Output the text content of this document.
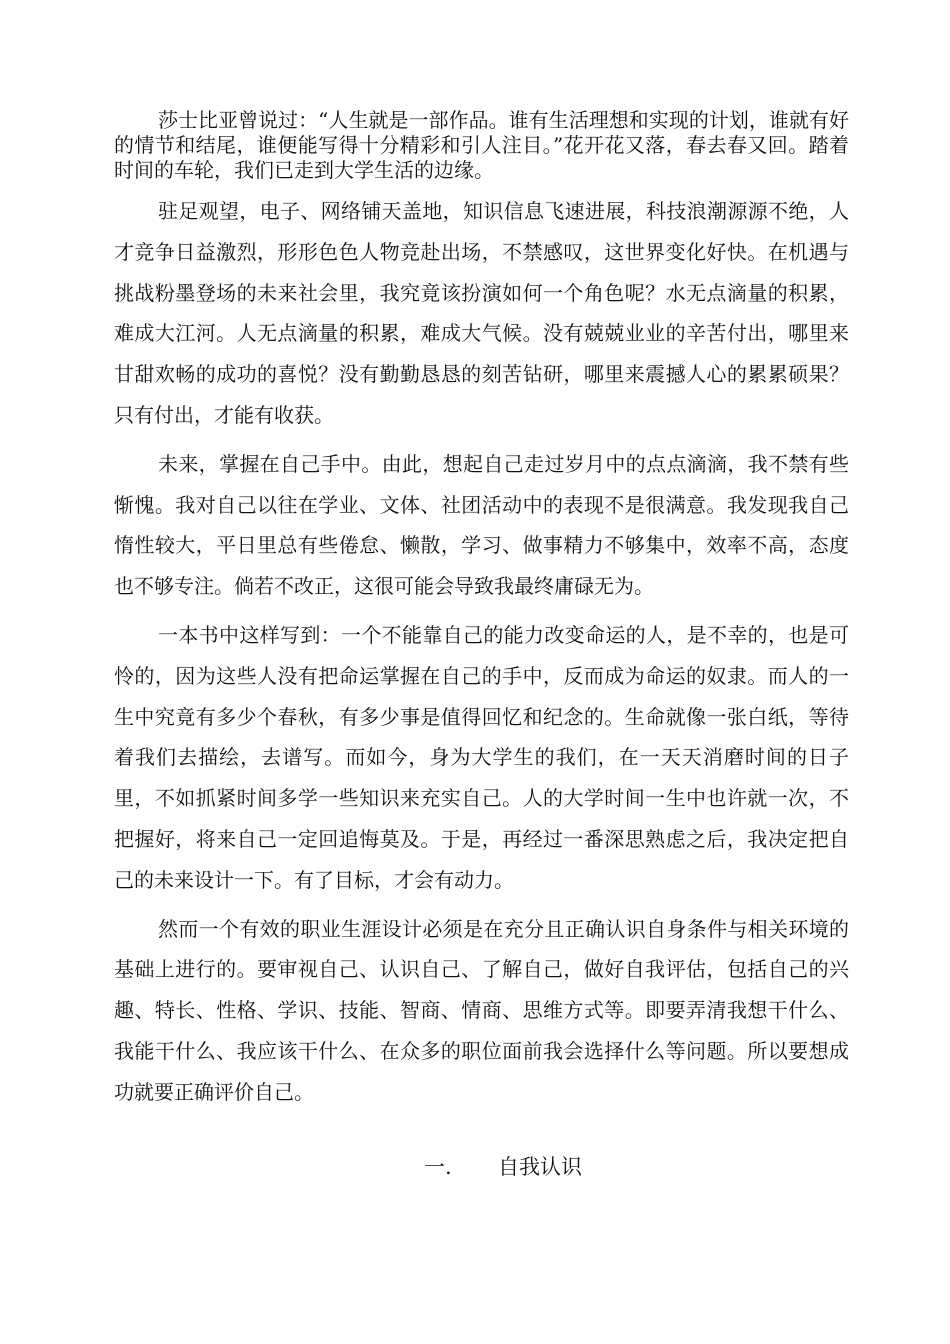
莎士比亚曾说过：“人生就是一部作品。谁有生活理想和实现的计划，谁就有好的情节和结尾，谁便能写得十分精彩和引人注目。”花开花又落，春去春又回。踏着时间的车轮，我们已走到大学生活的边缘。

驻足观望，电子、网络铺天盖地，知识信息飞速进展，科技浪潮源源不绝，人才竞争日益激烈，形形色色人物竞赴出场，不禁感叹，这世界变化好快。在机遇与挑战粉墨登场的未来社会里，我究竟该扮演如何一个角色呢？水无点滴量的积累，难成大江河。人无点滴量的积累，难成大气候。没有兢兢业业的辛苦付出，哪里来甘甜欢畅的成功的喜悦？没有勤勤恳恳的刻苦钻研，哪里来震撼人心的累累硕果？只有付出，才能有收获。

未来，掌握在自己手中。由此，想起自己走过岁月中的点点滴滴，我不禁有些惭愧。我对自己以往在学业、文体、社团活动中的表现不是很满意。我发现我自己惰性较大，平日里总有些倦怠、懒散，学习、做事精力不够集中，效率不高，态度也不够专注。倘若不改正，这很可能会导致我最终庸碌无为。

一本书中这样写到：一个不能靠自己的能力改变命运的人，是不幸的，也是可怜的，因为这些人没有把命运掌握在自己的手中，反而成为命运的奴隶。而人的一生中究竟有多少个春秋，有多少事是值得回忆和纪念的。生命就像一张白纸，等待着我们去描绘，去谱写。而如今，身为大学生的我们，在一天天消磨时间的日子里，不如抓紧时间多学一些知识来充实自己。人的大学时间一生中也许就一次，不把握好，将来自己一定回追悔莫及。于是，再经过一番深思熟虑之后，我决定把自己的未来设计一下。有了目标，才会有动力。

然而一个有效的职业生涯设计必须是在充分且正确认识自身条件与相关环境的基础上进行的。要审视自己、认识自己、了解自己，做好自我评估，包括自己的兴趣、特长、性格、学识、技能、智商、情商、思维方式等。即要弄清我想干什么、我能干什么、我应该干什么、在众多的职位面前我会选择什么等问题。所以要想成功就要正确评价自己。

一. 自我认识
